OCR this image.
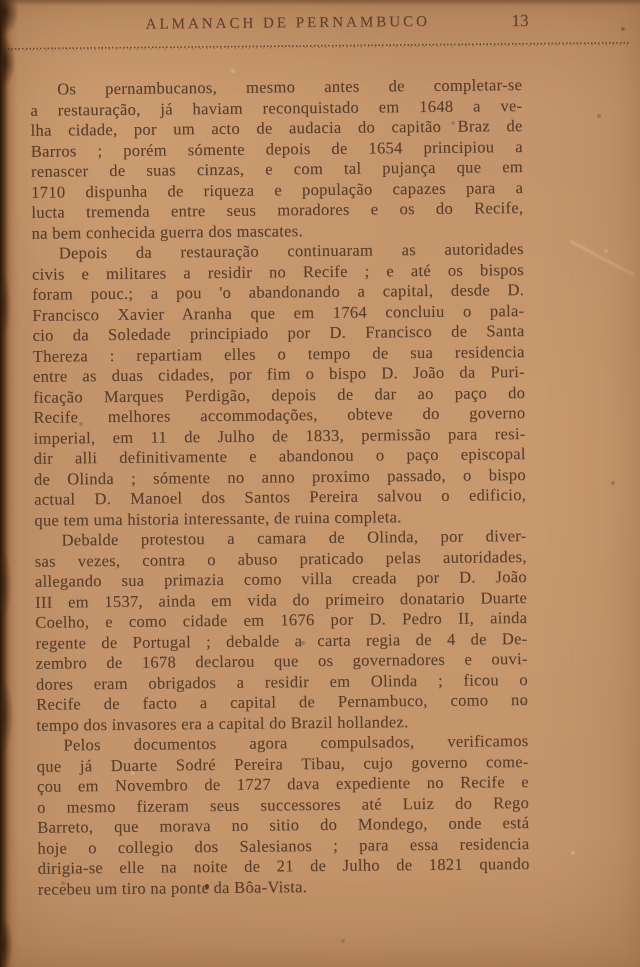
ALMANACH DE PERNAMBUCO	13

Os pernambucanos, mesmo antes de completar-se
a restauração, já haviam reconquistado em 1648 a ve-
lha cidade, por um acto de audacia do capitão Braz de
Barros ; porém sómente depois de 1654 principiou a
renascer de suas cinzas, e com tal pujança que em
1710 dispunha de riqueza e população capazes para a
lucta tremenda entre seus moradores e os do Recife,
na bem conhecida guerra dos mascates.

Depois da restauração continuaram as autoridades
civis e militares a residir no Recife ; e até os bispos
foram pouc.; a pou 'o abandonando a capital, desde D.
Francisco Xavier Aranha que em 1764 concluiu o pala-
cio da Soledade principiado por D. Francisco de Santa
Thereza : repartiam elles o tempo de sua residencia
entre as duas cidades, por fim o bispo D. João da Puri-
ficação Marques Perdigão, depois de dar ao paço do
Recife melhores accommodações, obteve do governo
imperial, em 11 de Julho de 1833, permissão para resi-
dir alli definitivamente e abandonou o paço episcopal
de Olinda ; sómente no anno proximo passado, o bispo
actual D. Manoel dos Santos Pereira salvou o edificio,
que tem uma historia interessante, de ruina completa.

Debalde protestou a camara de Olinda, por diver-
sas vezes, contra o abuso praticado pelas autoridades,
allegando sua primazia como villa creada por D. João
III em 1537, ainda em vida do primeiro donatario Duarte
Coelho, e como cidade em 1676 por D. Pedro II, ainda
regente de Portugal ; debalde a carta regia de 4 de De-
zembro de 1678 declarou que os governadores e ouvi-
dores eram obrigados a residir em Olinda ; ficou o
Recife de facto a capital de Pernambuco, como no
tempo dos invasores era a capital do Brazil hollandez.

Pelos documentos agora compulsados, verificamos
que já Duarte Sodré Pereira Tibau, cujo governo come-
çou em Novembro de 1727 dava expediente no Recife e
o mesmo fizeram seus successores até Luiz do Rego
Barreto, que morava no sitio do Mondego, onde está
hoje o collegio dos Salesianos ; para essa residencia
dirigia-se elle na noite de 21 de Julho de 1821 quando
recebeu um tiro na ponte da Bôa-Vista.
